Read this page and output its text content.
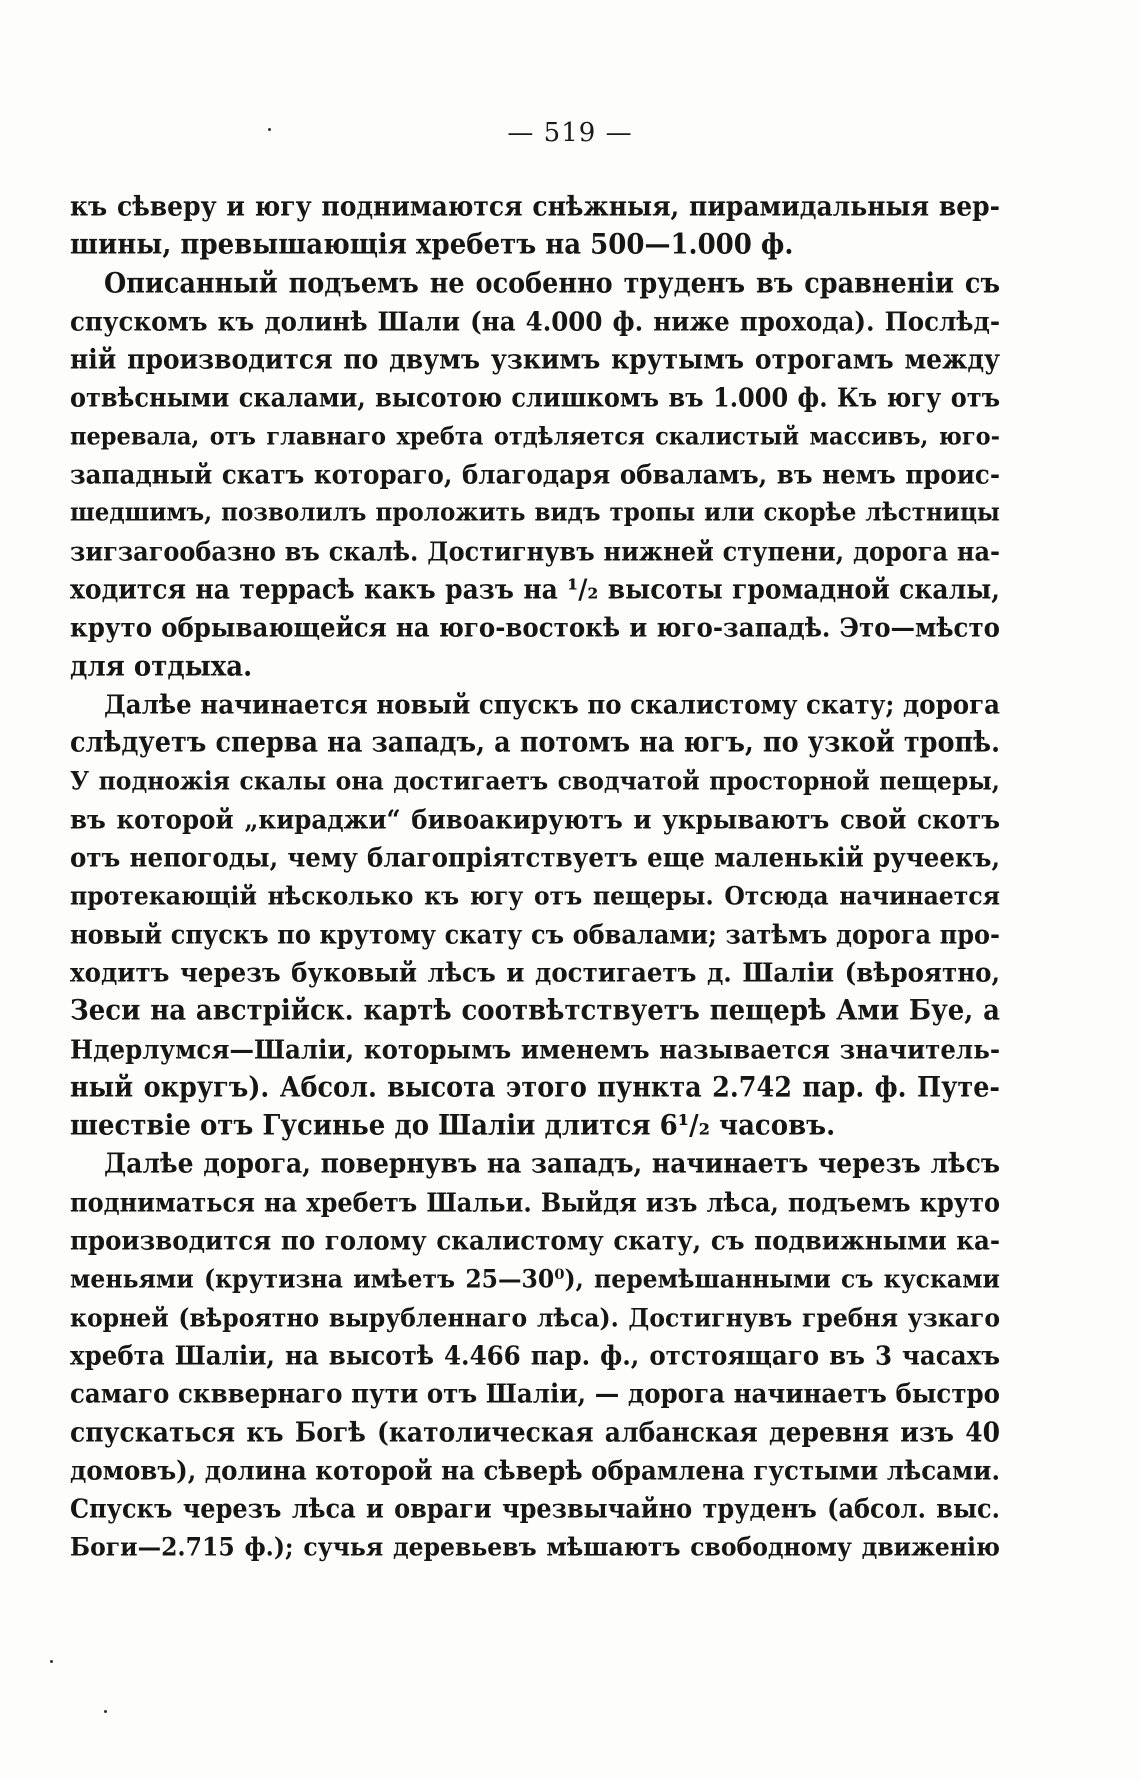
— 519 —
къ сѣверу и югу поднимаются снѣжныя, пирамидальныя вер-
шины, превышающія хребетъ на 500—1.000 ф.
Описанный подъемъ не особенно труденъ въ сравненіи съ
спускомъ къ долинѣ Шали (на 4.000 ф. ниже прохода). Послѣд-
ній производится по двумъ узкимъ крутымъ отрогамъ между
отвѣсными скалами, высотою слишкомъ въ 1.000 ф. Къ югу отъ
перевала, отъ главнаго хребта отдѣляется скалистый массивъ, юго-
западный скатъ котораго, благодаря обваламъ, въ немъ проис-
шедшимъ, позволилъ проложить видъ тропы или скорѣе лѣстницы
зигзагообазно въ скалѣ. Достигнувъ нижней ступени, дорога на-
ходится на террасѣ какъ разъ на ¹/₂ высоты громадной скалы,
круто обрывающейся на юго-востокѣ и юго-западѣ. Это—мѣсто
для отдыха.
Далѣе начинается новый спускъ по скалистому скату; дорога
слѣдуетъ сперва на западъ, а потомъ на югъ, по узкой тропѣ.
У подножія скалы она достигаетъ сводчатой просторной пещеры,
въ которой „кираджи“ бивоакируютъ и укрываютъ свой скотъ
отъ непогоды, чему благопріятствуетъ еще маленькій ручеекъ,
протекающій нѣсколько къ югу отъ пещеры. Отсюда начинается
новый спускъ по крутому скату съ обвалами; затѣмъ дорога про-
ходитъ черезъ буковый лѣсъ и достигаетъ д. Шаліи (вѣроятно,
Зеси на австрійск. картѣ соотвѣтствуетъ пещерѣ Ами Буе, а
Ндерлумся—Шаліи, которымъ именемъ называется значитель-
ный округъ). Абсол. высота этого пункта 2.742 пар. ф. Путе-
шествіе отъ Гусинье до Шаліи длится 6¹/₂ часовъ.
Далѣе дорога, повернувъ на западъ, начинаетъ черезъ лѣсъ
подниматься на хребетъ Шальи. Выйдя изъ лѣса, подъемъ круто
производится по голому скалистому скату, съ подвижными ка-
меньями (крутизна имѣетъ 25—30⁰), перемѣшанными съ кусками
корней (вѣроятно вырубленнаго лѣса). Достигнувъ гребня узкаго
хребта Шаліи, на высотѣ 4.466 пар. ф., отстоящаго въ 3 часахъ
самаго скввернаго пути отъ Шаліи, — дорога начинаетъ быстро
спускаться къ Богѣ (католическая албанская деревня изъ 40
домовъ), долина которой на сѣверѣ обрамлена густыми лѣсами.
Спускъ черезъ лѣса и овраги чрезвычайно труденъ (абсол. выс.
Боги—2.715 ф.); сучья деревьевъ мѣшаютъ свободному движенію
